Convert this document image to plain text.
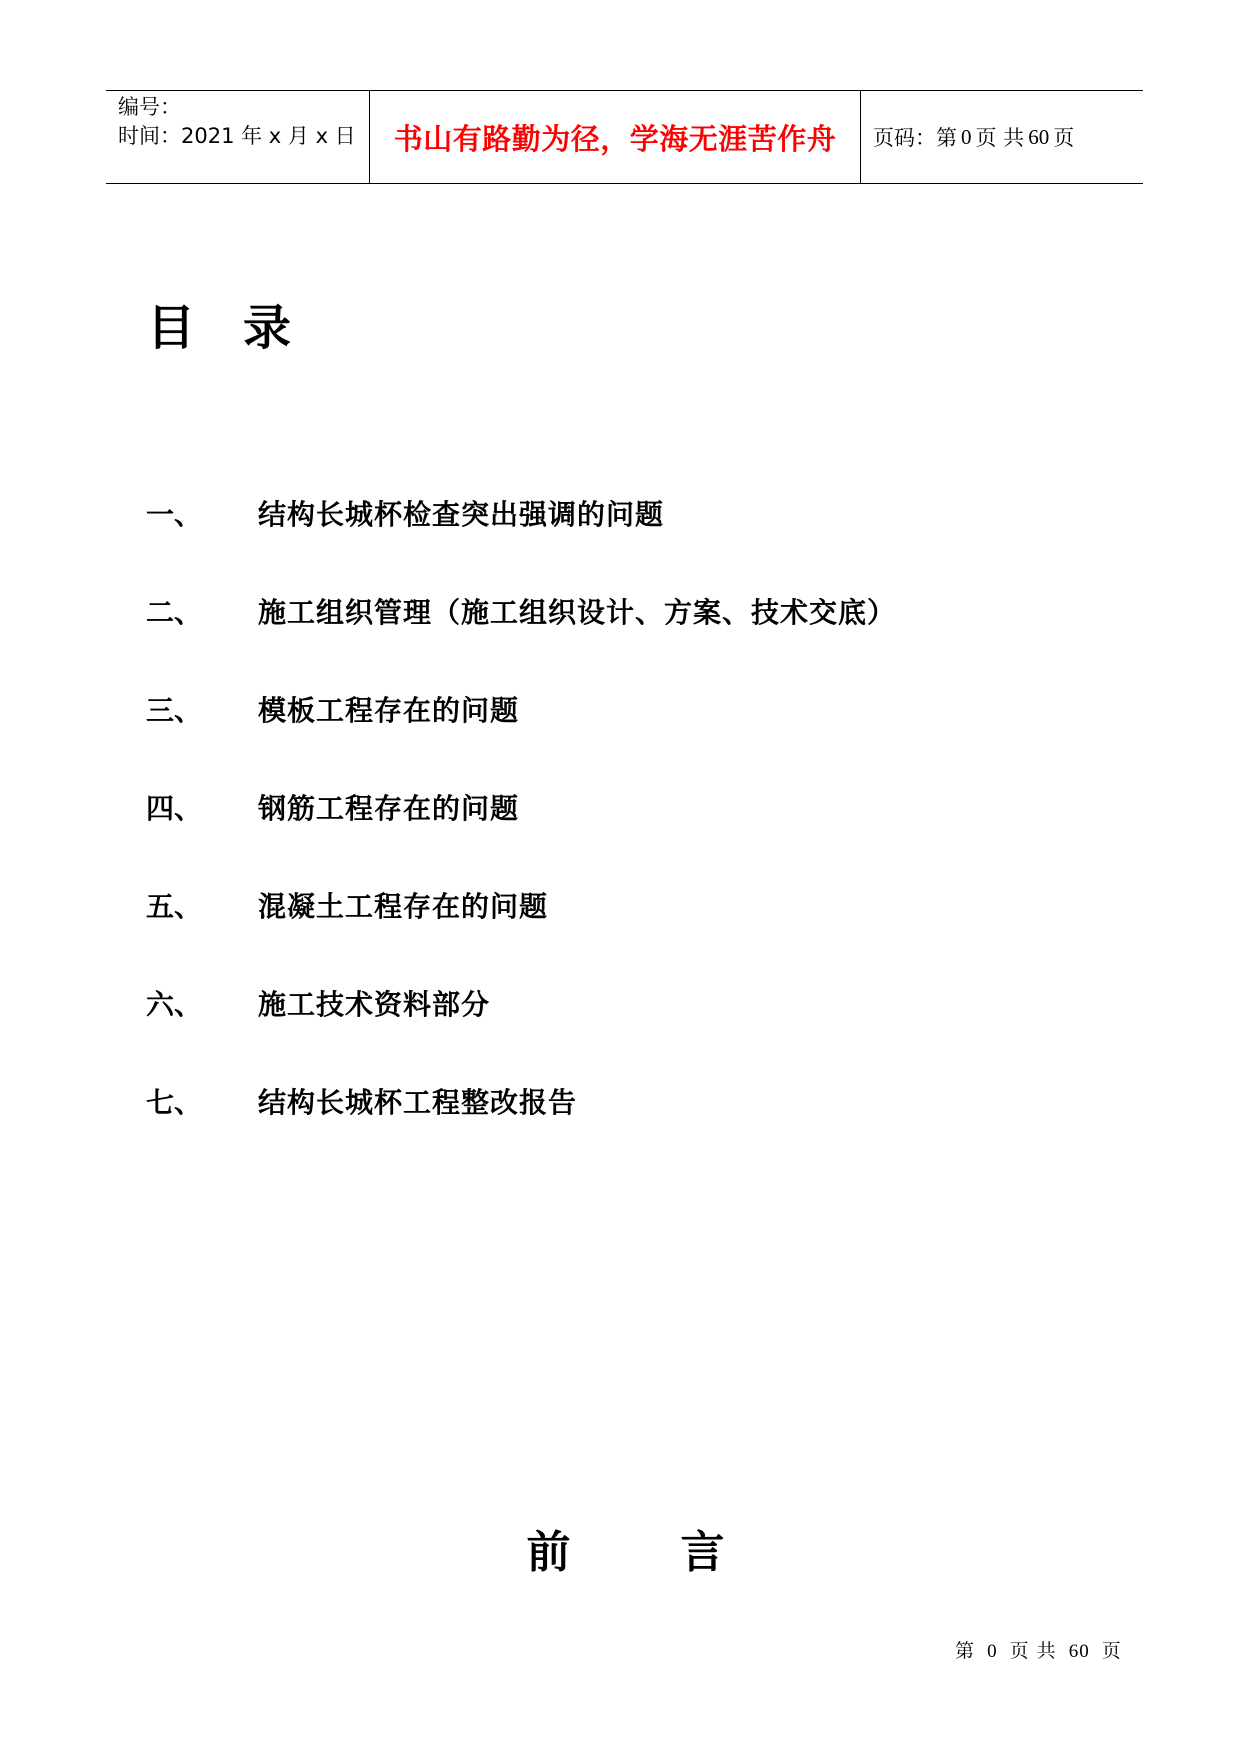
编号：
时间：2021 年 x 月 x 日	书山有路勤为径，学海无涯苦作舟 页码：第 0 页 共 60 页
目录
一、	结构长城杯检查突出强调的问题
二、	施工组织管理（施工组织设计、方案、技术交底）
三、	模板工程存在的问题
四、	钢筋工程存在的问题
五、	混凝土工程存在的问题
六、	施工技术资料部分
七、	结构长城杯工程整改报告
前	言
第 0 页 共 60 页
